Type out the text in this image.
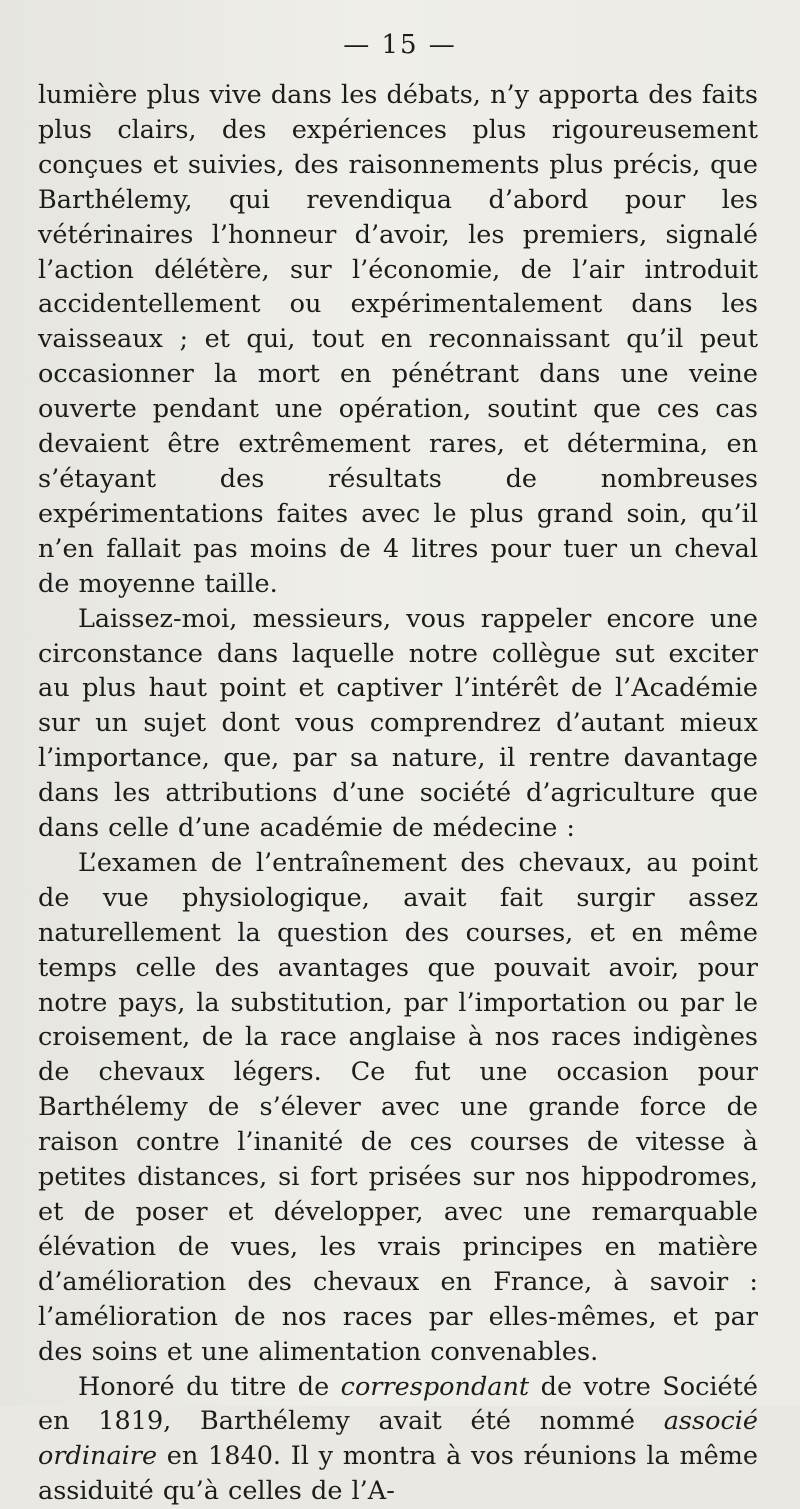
— 15 —

lumière plus vive dans les débats, n’y apporta des faits plus clairs, des expériences plus rigoureusement conçues et suivies, des raisonnements plus précis, que Barthélemy, qui revendiqua d’abord pour les vétérinaires l’honneur d’avoir, les premiers, signalé l’action délétère, sur l’économie, de l’air introduit accidentellement ou expérimentalement dans les vaisseaux ; et qui, tout en reconnaissant qu’il peut occasionner la mort en pénétrant dans une veine ouverte pendant une opération, soutint que ces cas devaient être extrêmement rares, et détermina, en s’étayant des résultats de nombreuses expérimentations faites avec le plus grand soin, qu’il n’en fallait pas moins de 4 litres pour tuer un cheval de moyenne taille.

Laissez-moi, messieurs, vous rappeler encore une circonstance dans laquelle notre collègue sut exciter au plus haut point et captiver l’intérêt de l’Académie sur un sujet dont vous comprendrez d’autant mieux l’importance, que, par sa nature, il rentre davantage dans les attributions d’une société d’agriculture que dans celle d’une académie de médecine :

L’examen de l’entraînement des chevaux, au point de vue physiologique, avait fait surgir assez naturellement la question des courses, et en même temps celle des avantages que pouvait avoir, pour notre pays, la substitution, par l’importation ou par le croisement, de la race anglaise à nos races indigènes de chevaux légers. Ce fut une occasion pour Barthélemy de s’élever avec une grande force de raison contre l’inanité de ces courses de vitesse à petites distances, si fort prisées sur nos hippodromes, et de poser et développer, avec une remarquable élévation de vues, les vrais principes en matière d’amélioration des chevaux en France, à savoir : l’amélioration de nos races par elles-mêmes, et par des soins et une alimentation convenables.

Honoré du titre de correspondant de votre Société en 1819, Barthélemy avait été nommé associé ordinaire en 1840. Il y montra à vos réunions la même assiduité qu’à celles de l’A-
